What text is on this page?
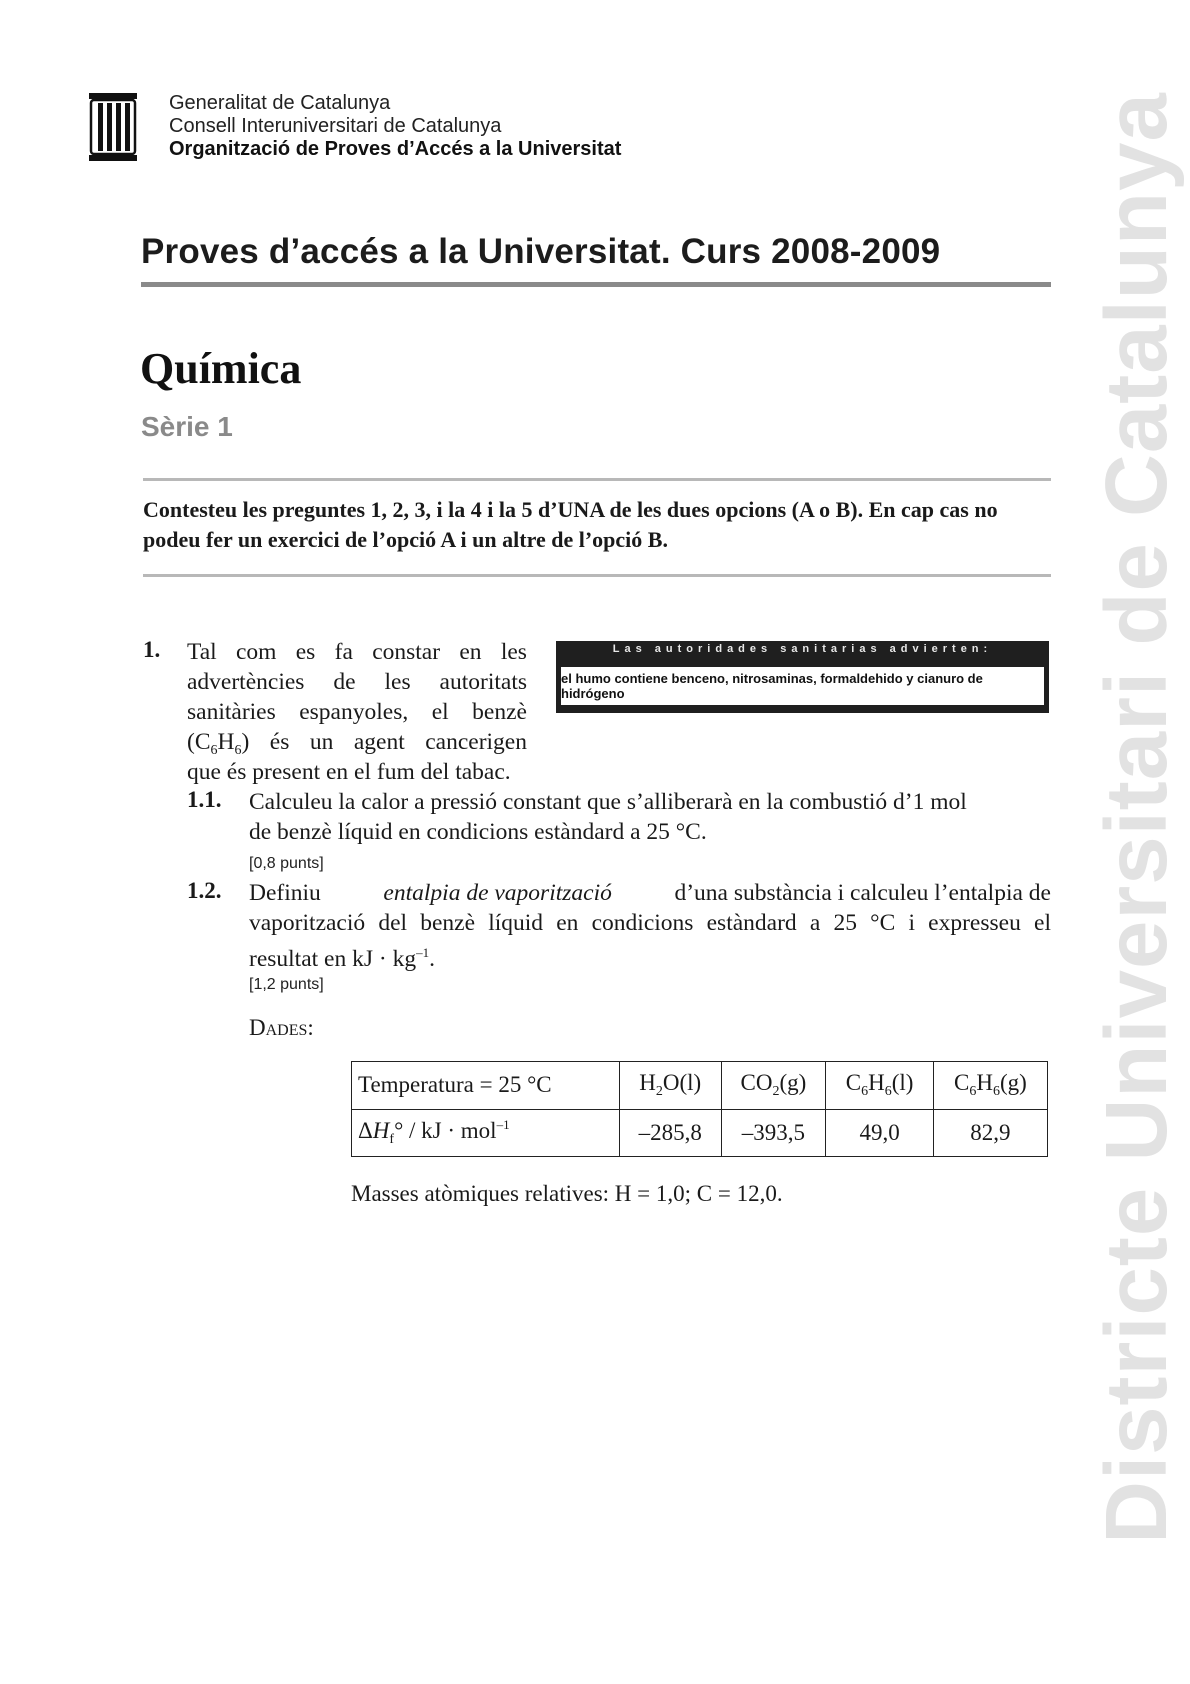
Generalitat de Catalunya
Consell Interuniversitari de Catalunya
Organització de Proves d’Accés a la Universitat
Proves d’accés a la Universitat. Curs 2008-2009
Química
Sèrie 1
Contesteu les preguntes 1, 2, 3, i la 4 i la 5 d’UNA de les dues opcions (A o B). En cap cas no
podeu fer un exercici de l’opció A i un altre de l’opció B.	Districte Universitari de Catalunya
1. Tal com es fa constar en les
advertències de les autoritats
sanitàries espanyoles, el benzè
$(C_6H_6)$ és un agent cancerigen
que és present en el fum del tabac.
Las autoridades sanitarias advierten:
el humo contiene benceno, nitrosaminas, formaldehido y cianuro de hidrógeno
1.1. Calculeu la calor a pressió constant que s’alliberarà en la combustió d’1 mol
de benzè líquid en condicions estàndard a 25 °C.
[0,8 punts]
1.2. Definiu	entalpia de vaporització	d’una substància i calculeu l’entalpia de
vaporització del benzè líquid en condicions estàndard a 25 °C i expresseu el
resultat en kJ · $kg^{-1}$.
[1,2 punts]
Dades:
Temperatura = 25 °C	$H_2O(l)$	$CO_2(g)$	$C_6H_6(l)$	$C_6H_6(g)$
$\Delta H_f^\circ$ / kJ · mol$^{-1}$	–285,8	–393,5	49,0	82,9
Masses atòmiques relatives: H = 1,0; C = 12,0.
